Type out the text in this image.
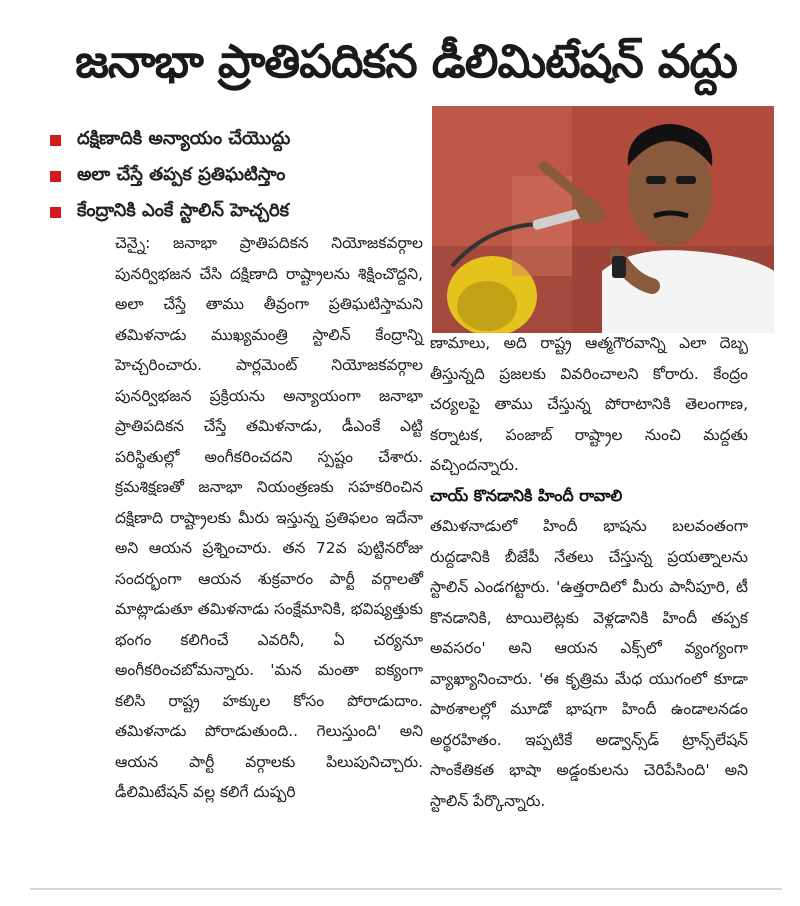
జనాభా ప్రాతిపదికన డీలిమిటేషన్ వద్దు
దక్షిణాదికి అన్యాయం చేయొద్దు
అలా చేస్తే తప్పక ప్రతిఘటిస్తాం
కేంద్రానికి ఎంకే స్టాలిన్ హెచ్చరిక

చెన్నై: జనాభా ప్రాతిపదికన నియోజకవర్గాల పునర్విభజన చేసి దక్షిణాది రాష్ట్రాలను శిక్షించొద్దని, అలా చేస్తే తాము తీవ్రంగా ప్రతిఘటిస్తామని తమిళనాడు ముఖ్యమంత్రి స్టాలిన్ కేంద్రాన్ని హెచ్చరించారు. పార్లమెంట్ నియోజకవర్గాల పునర్విభజన ప్రక్రియను అన్యాయంగా జనాభా ప్రాతిపదికన చేస్తే తమిళనాడు, డీఎంకే ఎట్టి పరిస్థితుల్లో అంగీకరించదని స్పష్టం చేశారు. క్రమశిక్షణతో జనాభా నియంత్రణకు సహకరించిన దక్షిణాది రాష్ట్రాలకు మీరు ఇస్తున్న ప్రతిఫలం ఇదేనా అని ఆయన ప్రశ్నించారు. తన 72వ పుట్టినరోజు సందర్భంగా ఆయన శుక్రవారం పార్టీ వర్గాలతో మాట్లాడుతూ తమిళనాడు సంక్షేమానికి, భవిష్యత్తుకు భంగం కలిగించే ఎవరినీ, ఏ చర్యనూ అంగీకరించబోమన్నారు. 'మన మంతా ఐక్యంగా కలిసి రాష్ట్ర హక్కుల కోసం పోరాడుదాం. తమిళనాడు పోరాడుతుంది.. గెలుస్తుంది' అని ఆయన పార్టీ వర్గాలకు పిలుపునిచ్చారు. డీలిమిటేషన్ వల్ల కలిగే దుష్పరి

ణామాలు, అది రాష్ట్ర ఆత్మగౌరవాన్ని ఎలా దెబ్బ తీస్తున్నది ప్రజలకు వివరించాలని కోరారు. కేంద్రం చర్యలపై తాము చేస్తున్న పోరాటానికి తెలంగాణ, కర్నాటక, పంజాబ్ రాష్ట్రాల నుంచి మద్దతు వచ్చిందన్నారు.

చాయ్ కొనడానికి హిందీ రావాలి

తమిళనాడులో హిందీ భాషను బలవంతంగా రుద్దడానికి బీజేపీ నేతలు చేస్తున్న ప్రయత్నాలను స్టాలిన్ ఎండగట్టారు. 'ఉత్తరాదిలో మీరు పానీపూరి, టీ కొనడానికి, టాయిలెట్లకు వెళ్లడానికి హిందీ తప్పక అవసరం' అని ఆయన ఎక్స్‌లో వ్యంగ్యంగా వ్యాఖ్యానించారు. 'ఈ కృత్రిమ మేధ యుగంలో కూడా పాఠశాలల్లో మూడో భాషగా హిందీ ఉండాలనడం అర్థరహితం. ఇప్పటికే అడ్వాన్స్‌డ్ ట్రాన్స్‌లేషన్ సాంకేతికత భాషా అడ్డంకులను చెరిపేసింది' అని స్టాలిన్ పేర్కొన్నారు.
